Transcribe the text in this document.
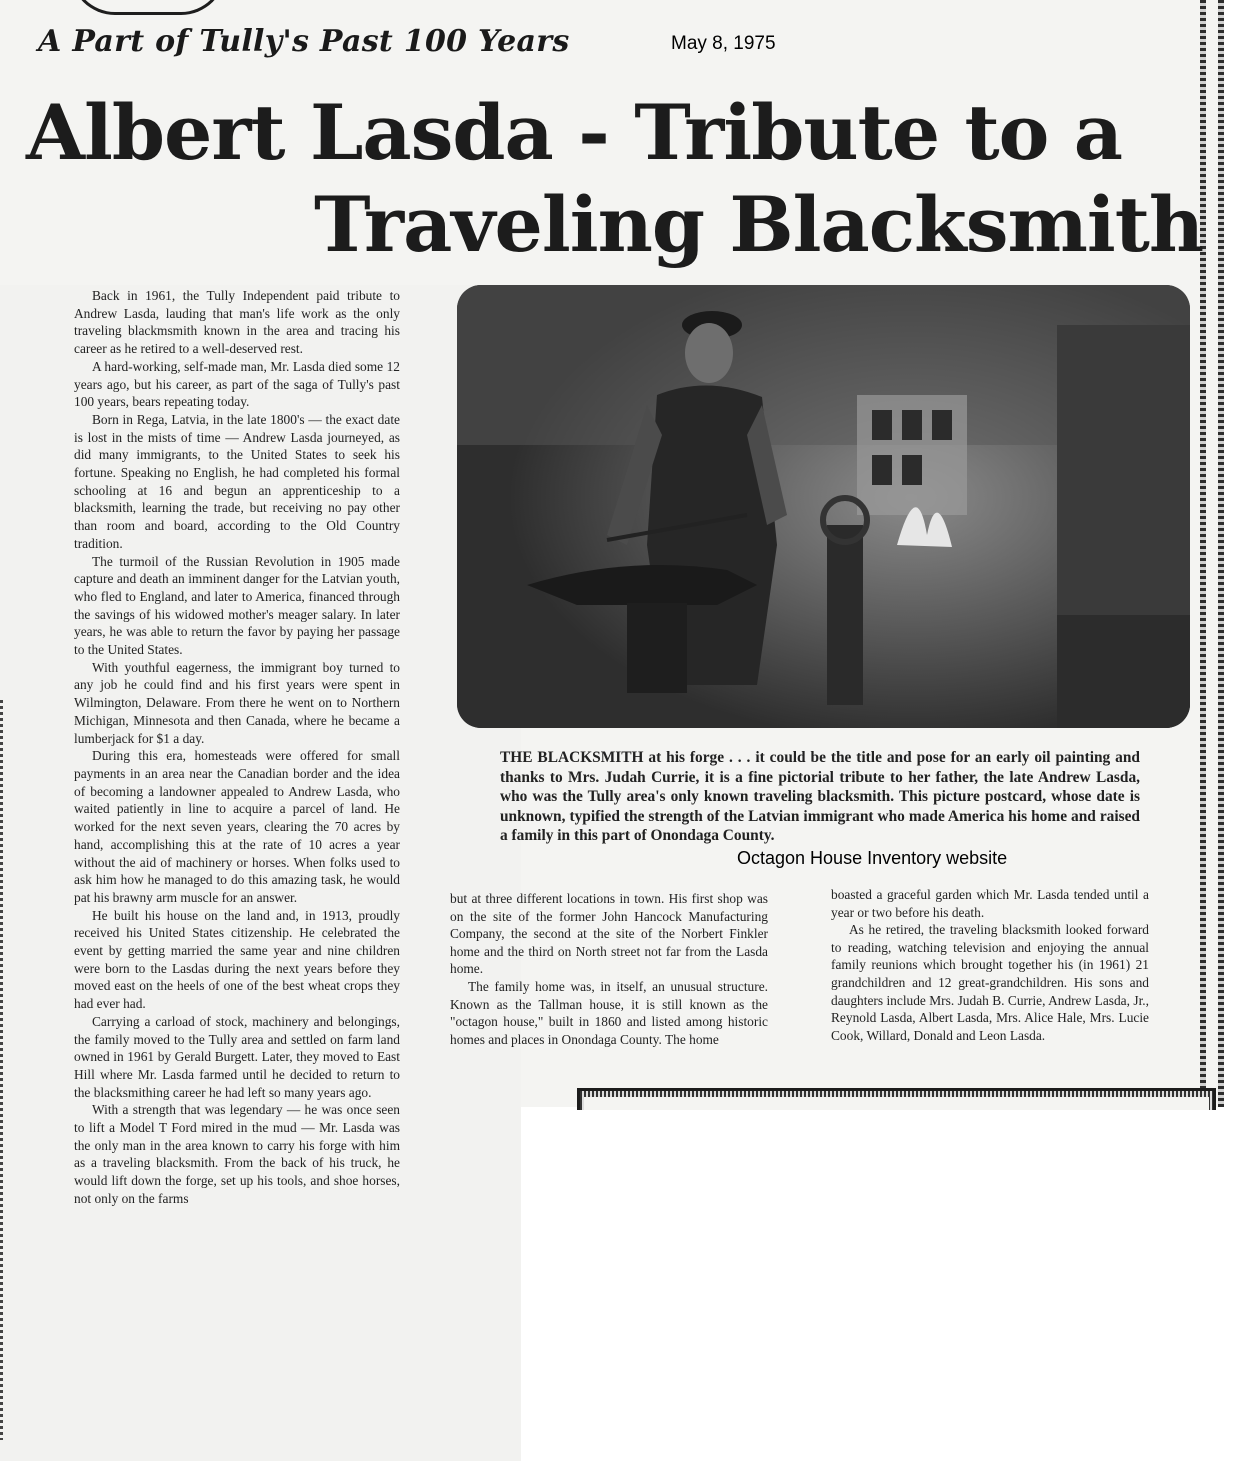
A Part of Tully's Past 100 Years	May 8, 1975
Albert Lasda - Tribute to a
Traveling Blacksmith

Back in 1961, the Tully Independent paid tribute to Andrew Lasda, lauding that man's life work as the only traveling blackmsmith known in the area and tracing his career as he retired to a well-deserved rest.

A hard-working, self-made man, Mr. Lasda died some 12 years ago, but his career, as part of the saga of Tully's past 100 years, bears repeating today.

Born in Rega, Latvia, in the late 1800's — the exact date is lost in the mists of time — Andrew Lasda journeyed, as did many immigrants, to the United States to seek his fortune. Speaking no English, he had completed his formal schooling at 16 and begun an apprenticeship to a blacksmith, learning the trade, but receiving no pay other than room and board, according to the Old Country tradition.

The turmoil of the Russian Revolution in 1905 made capture and death an imminent danger for the Latvian youth, who fled to England, and later to America, financed through the savings of his widowed mother's meager salary. In later years, he was able to return the favor by paying her passage to the United States.

With youthful eagerness, the immigrant boy turned to any job he could find and his first years were spent in Wilmington, Delaware. From there he went on to Northern Michigan, Minnesota and then Canada, where he became a lumberjack for $1 a day.

During this era, homesteads were offered for small payments in an area near the Canadian border and the idea of becoming a landowner appealed to Andrew Lasda, who waited patiently in line to acquire a parcel of land. He worked for the next seven years, clearing the 70 acres by hand, accomplishing this at the rate of 10 acres a year without the aid of machinery or horses. When folks used to ask him how he managed to do this amazing task, he would pat his brawny arm muscle for an answer.

He built his house on the land and, in 1913, proudly received his United States citizenship. He celebrated the event by getting married the same year and nine children were born to the Lasdas during the next years before they moved east on the heels of one of the best wheat crops they had ever had.

Carrying a carload of stock, machinery and belongings, the family moved to the Tully area and settled on farm land owned in 1961 by Gerald Burgett. Later, they moved to East Hill where Mr. Lasda farmed until he decided to return to the blacksmithing career he had left so many years ago.

With a strength that was legendary — he was once seen to lift a Model T Ford mired in the mud — Mr. Lasda was the only man in the area known to carry his forge with him as a traveling blacksmith. From the back of his truck, he would lift down the forge, set up his tools, and shoe horses, not only on the farms

THE BLACKSMITH at his forge . . . it could be the title and pose for an early oil painting and thanks to Mrs. Judah Currie, it is a fine pictorial tribute to her father, the late Andrew Lasda, who was the Tully area's only known traveling blacksmith. This picture postcard, whose date is unknown, typified the strength of the Latvian immigrant who made America his home and raised a family in this part of Onondaga County.
Octagon House Inventory website

but at three different locations in town. His first shop was on the site of the former John Hancock Manufacturing Company, the second at the site of the Norbert Finkler home and the third on North street not far from the Lasda home.

The family home was, in itself, an unusual structure. Known as the Tallman house, it is still known as the "octagon house," built in 1860 and listed among historic homes and places in Onondaga County. The home

boasted a graceful garden which Mr. Lasda tended until a year or two before his death.

As he retired, the traveling blacksmith looked forward to reading, watching television and enjoying the annual family reunions which brought together his (in 1961) 21 grandchildren and 12 great-grandchildren. His sons and daughters include Mrs. Judah B. Currie, Andrew Lasda, Jr., Reynold Lasda, Albert Lasda, Mrs. Alice Hale, Mrs. Lucie Cook, Willard, Donald and Leon Lasda.
